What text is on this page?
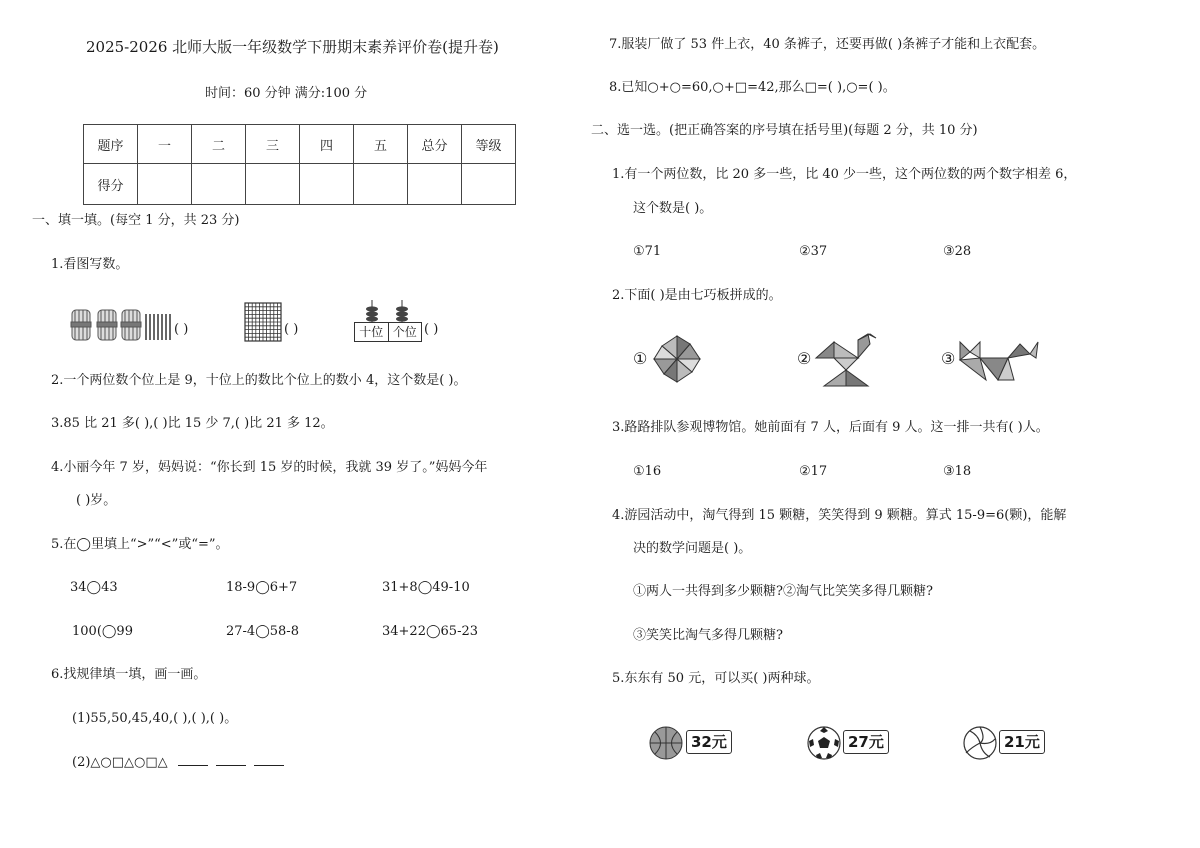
2025-2026 北师大版一年级数学下册期末素养评价卷(提升卷)
时间：60 分钟 满分:100 分
题序	一	二	三	四	五	总分	等级
得分							
一、填一填。(每空 1 分，共 23 分)
1.看图写数。
( )	( )	十位 个位 ( )
2.一个两位数个位上是 9，十位上的数比个位上的数小 4，这个数是( )。
3.85 比 21 多( ),( )比 15 少 7,( )比 21 多 12。
4.小丽今年 7 岁，妈妈说：“你长到 15 岁的时候，我就 39 岁了。”妈妈今年
( )岁。
5.在◯里填上“>”“<”或“=”。
34◯43	18-9◯6+7	31+8◯49-10
100(◯99	27-4◯58-8	34+22◯65-23
6.找规律填一填，画一画。
(1)55,50,45,40,( ),( ),( )。
(2)△○□△○□△
7.服装厂做了 53 件上衣，40 条裤子，还要再做( )条裤子才能和上衣配套。
8.已知○+○=60,○+□=42,那么□=( ),○=( )。
二、选一选。(把正确答案的序号填在括号里)(每题 2 分，共 10 分)
1.有一个两位数，比 20 多一些，比 40 少一些，这个两位数的两个数字相差 6，
这个数是( )。
①71	②37	③28
2.下面( )是由七巧板拼成的。
①	②	③
3.路路排队参观博物馆。她前面有 7 人，后面有 9 人。这一排一共有( )人。
①16	②17	③18
4.游园活动中，淘气得到 15 颗糖，笑笑得到 9 颗糖。算式 15-9=6(颗)，能解
决的数学问题是( )。
①两人一共得到多少颗糖?②淘气比笑笑多得几颗糖?
③笑笑比淘气多得几颗糖?
5.东东有 50 元，可以买( )两种球。
32元	27元	21元
